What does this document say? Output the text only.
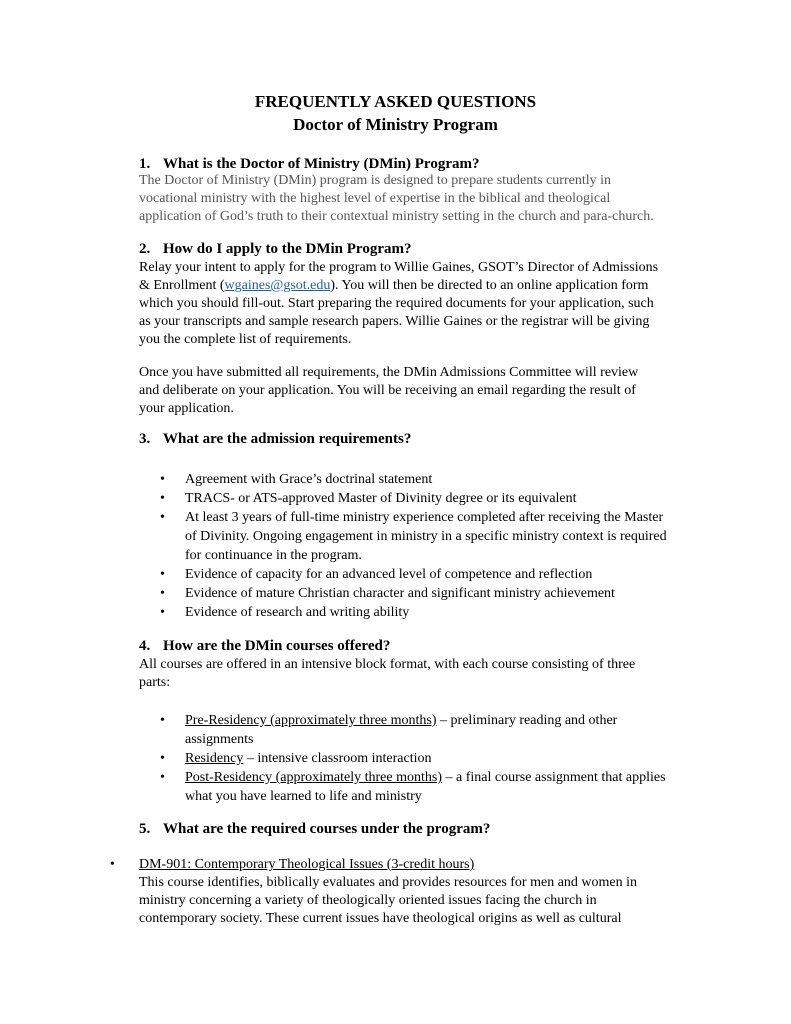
FREQUENTLY ASKED QUESTIONS
Doctor of Ministry Program
1. What is the Doctor of Ministry (DMin) Program?
The Doctor of Ministry (DMin) program is designed to prepare students currently in
vocational ministry with the highest level of expertise in the biblical and theological
application of God’s truth to their contextual ministry setting in the church and para-church.
2. How do I apply to the DMin Program?
Relay your intent to apply for the program to Willie Gaines, GSOT’s Director of Admissions
& Enrollment (wgaines@gsot.edu). You will then be directed to an online application form
which you should fill-out. Start preparing the required documents for your application, such
as your transcripts and sample research papers. Willie Gaines or the registrar will be giving
you the complete list of requirements.
Once you have submitted all requirements, the DMin Admissions Committee will review
and deliberate on your application. You will be receiving an email regarding the result of
your application.
3. What are the admission requirements?
• Agreement with Grace’s doctrinal statement
• TRACS- or ATS-approved Master of Divinity degree or its equivalent
• At least 3 years of full-time ministry experience completed after receiving the Master of Divinity. Ongoing engagement in ministry in a specific ministry context is required for continuance in the program.
• Evidence of capacity for an advanced level of competence and reflection
• Evidence of mature Christian character and significant ministry achievement
• Evidence of research and writing ability
4. How are the DMin courses offered?
All courses are offered in an intensive block format, with each course consisting of three
parts:
• Pre-Residency (approximately three months) – preliminary reading and other assignments
• Residency – intensive classroom interaction
• Post-Residency (approximately three months) – a final course assignment that applies what you have learned to life and ministry
5. What are the required courses under the program?
• DM-901: Contemporary Theological Issues (3-credit hours)
This course identifies, biblically evaluates and provides resources for men and women in
ministry concerning a variety of theologically oriented issues facing the church in
contemporary society. These current issues have theological origins as well as cultural
